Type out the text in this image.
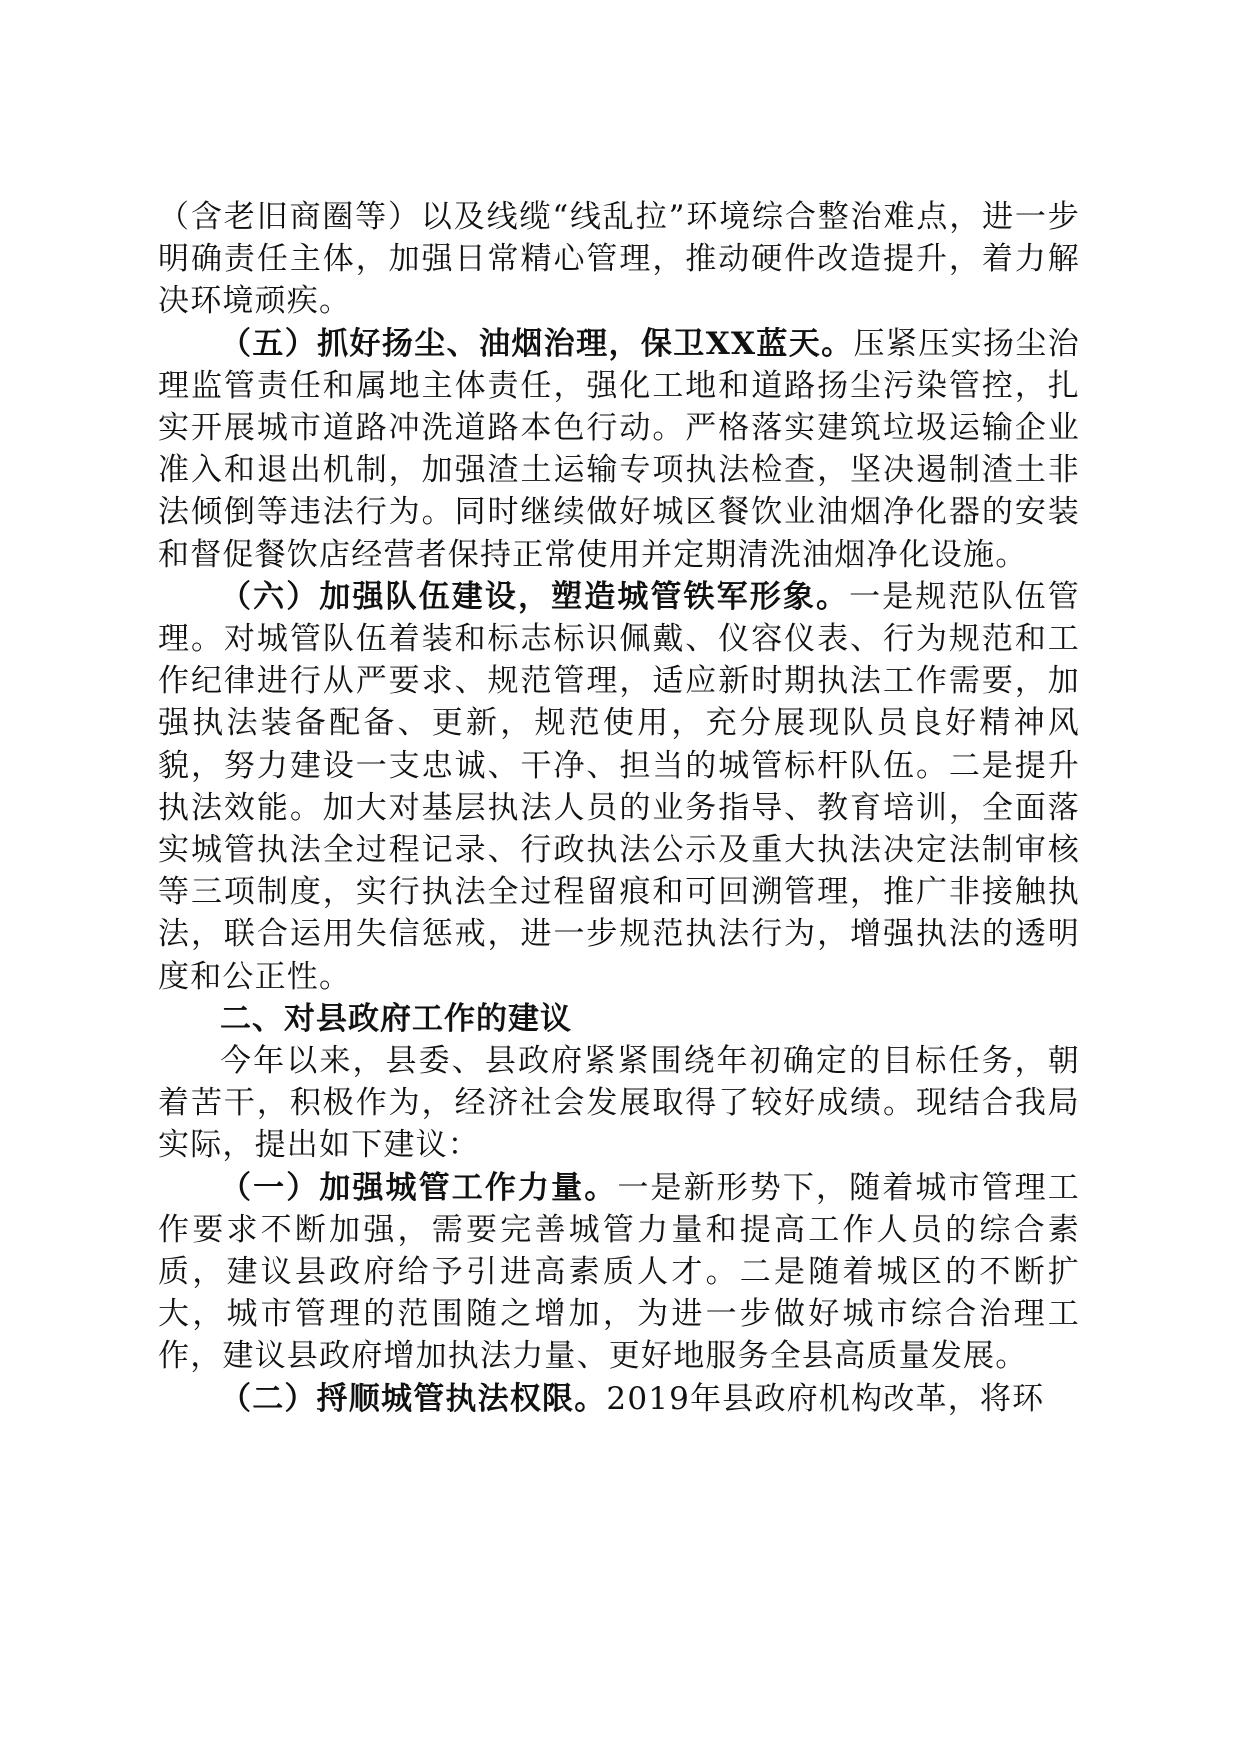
（含老旧商圈等）以及线缆“线乱拉”环境综合整治难点，进一步明确责任主体，加强日常精心管理，推动硬件改造提升，着力解决环境顽疾。

（五）抓好扬尘、油烟治理，保卫XX蓝天。压紧压实扬尘治理监管责任和属地主体责任，强化工地和道路扬尘污染管控，扎实开展城市道路冲洗道路本色行动。严格落实建筑垃圾运输企业准入和退出机制，加强渣土运输专项执法检查，坚决遏制渣土非法倾倒等违法行为。同时继续做好城区餐饮业油烟净化器的安装和督促餐饮店经营者保持正常使用并定期清洗油烟净化设施。

（六）加强队伍建设，塑造城管铁军形象。一是规范队伍管理。对城管队伍着装和标志标识佩戴、仪容仪表、行为规范和工作纪律进行从严要求、规范管理，适应新时期执法工作需要，加强执法装备配备、更新，规范使用，充分展现队员良好精神风貌，努力建设一支忠诚、干净、担当的城管标杆队伍。二是提升执法效能。加大对基层执法人员的业务指导、教育培训，全面落实城管执法全过程记录、行政执法公示及重大执法决定法制审核等三项制度，实行执法全过程留痕和可回溯管理，推广非接触执法，联合运用失信惩戒，进一步规范执法行为，增强执法的透明度和公正性。

二、对县政府工作的建议

今年以来，县委、县政府紧紧围绕年初确定的目标任务，朝着苦干，积极作为，经济社会发展取得了较好成绩。现结合我局实际，提出如下建议：

（一）加强城管工作力量。一是新形势下，随着城市管理工作要求不断加强，需要完善城管力量和提高工作人员的综合素质，建议县政府给予引进高素质人才。二是随着城区的不断扩大，城市管理的范围随之增加，为进一步做好城市综合治理工作，建议县政府增加执法力量、更好地服务全县高质量发展。

（二）捋顺城管执法权限。2019年县政府机构改革，将环
